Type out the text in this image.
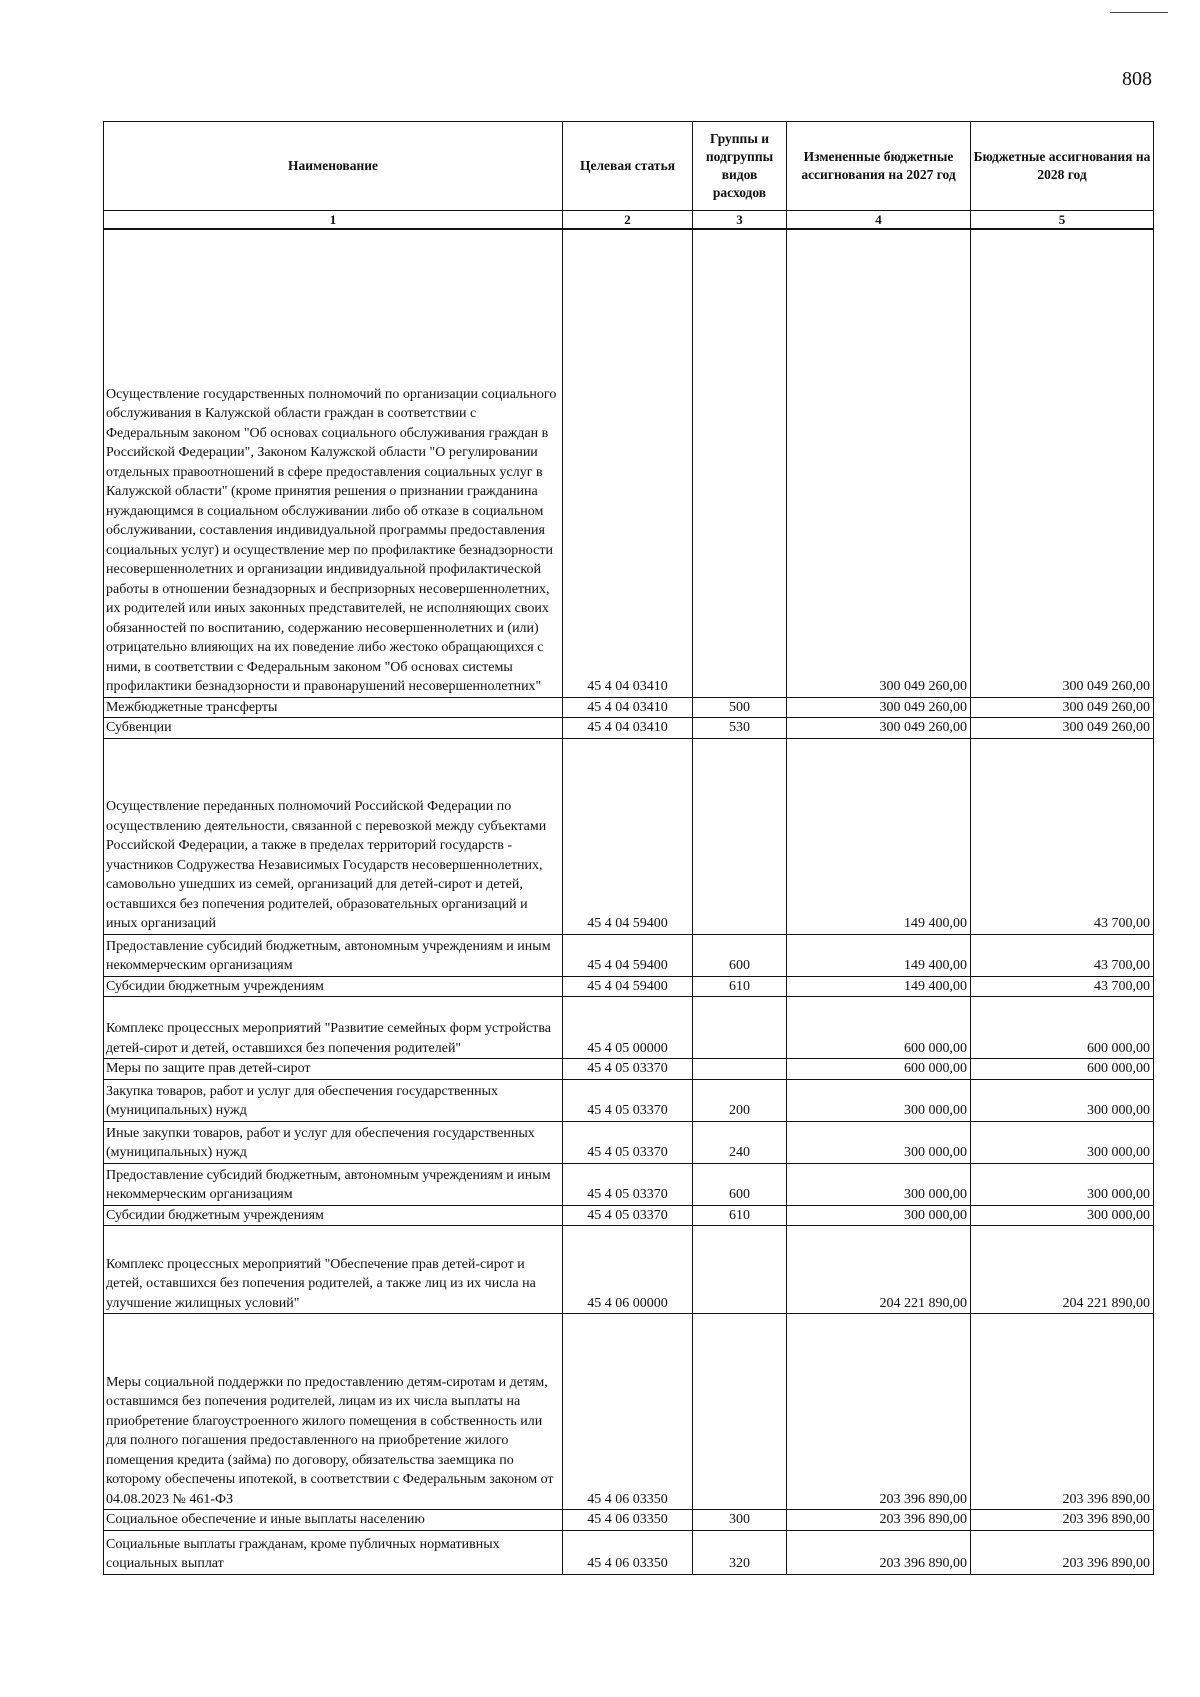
808
Наименование	Целевая статья	Группы и подгруппы видов расходов	Измененные бюджетные ассигнования на 2027 год	Бюджетные ассигнования на 2028 год
1	2	3	4	5
Осуществление государственных полномочий по организации социального обслуживания в Калужской области граждан в соответствии с Федеральным законом "Об основах социального обслуживания граждан в Российской Федерации", Законом Калужской области "О регулировании отдельных правоотношений в сфере предоставления социальных услуг в Калужской области" (кроме принятия решения о признании гражданина нуждающимся в социальном обслуживании либо об отказе в социальном обслуживании, составления индивидуальной программы предоставления социальных услуг) и осуществление мер по профилактике безнадзорности несовершеннолетних и организации индивидуальной профилактической работы в отношении безнадзорных и беспризорных несовершеннолетних, их родителей или иных законных представителей, не исполняющих своих обязанностей по воспитанию, содержанию несовершеннолетних и (или) отрицательно влияющих на их поведение либо жестоко обращающихся с ними, в соответствии с Федеральным законом "Об основах системы профилактики безнадзорности и правонарушений несовершеннолетних"	45 4 04 03410		300 049 260,00	300 049 260,00
Межбюджетные трансферты	45 4 04 03410	500	300 049 260,00	300 049 260,00
Субвенции	45 4 04 03410	530	300 049 260,00	300 049 260,00
Осуществление переданных полномочий Российской Федерации по осуществлению деятельности, связанной с перевозкой между субъектами Российской Федерации, а также в пределах территорий государств - участников Содружества Независимых Государств несовершеннолетних, самовольно ушедших из семей, организаций для детей-сирот и детей, оставшихся без попечения родителей, образовательных организаций и иных организаций	45 4 04 59400		149 400,00	43 700,00
Предоставление субсидий бюджетным, автономным учреждениям и иным некоммерческим организациям	45 4 04 59400	600	149 400,00	43 700,00
Субсидии бюджетным учреждениям	45 4 04 59400	610	149 400,00	43 700,00
Комплекс процессных мероприятий "Развитие семейных форм устройства детей-сирот и детей, оставшихся без попечения родителей"	45 4 05 00000		600 000,00	600 000,00
Меры по защите прав детей-сирот	45 4 05 03370		600 000,00	600 000,00
Закупка товаров, работ и услуг для обеспечения государственных (муниципальных) нужд	45 4 05 03370	200	300 000,00	300 000,00
Иные закупки товаров, работ и услуг для обеспечения государственных (муниципальных) нужд	45 4 05 03370	240	300 000,00	300 000,00
Предоставление субсидий бюджетным, автономным учреждениям и иным некоммерческим организациям	45 4 05 03370	600	300 000,00	300 000,00
Субсидии бюджетным учреждениям	45 4 05 03370	610	300 000,00	300 000,00
Комплекс процессных мероприятий "Обеспечение прав детей-сирот и детей, оставшихся без попечения родителей, а также лиц из их числа на улучшение жилищных условий"	45 4 06 00000		204 221 890,00	204 221 890,00
Меры социальной поддержки по предоставлению детям-сиротам и детям, оставшимся без попечения родителей, лицам из их числа выплаты на приобретение благоустроенного жилого помещения в собственность или для полного погашения предоставленного на приобретение жилого помещения кредита (займа) по договору, обязательства заемщика по которому обеспечены ипотекой, в соответствии с Федеральным законом от 04.08.2023 № 461-ФЗ	45 4 06 03350		203 396 890,00	203 396 890,00
Социальное обеспечение и иные выплаты населению	45 4 06 03350	300	203 396 890,00	203 396 890,00
Социальные выплаты гражданам, кроме публичных нормативных социальных выплат	45 4 06 03350	320	203 396 890,00	203 396 890,00
